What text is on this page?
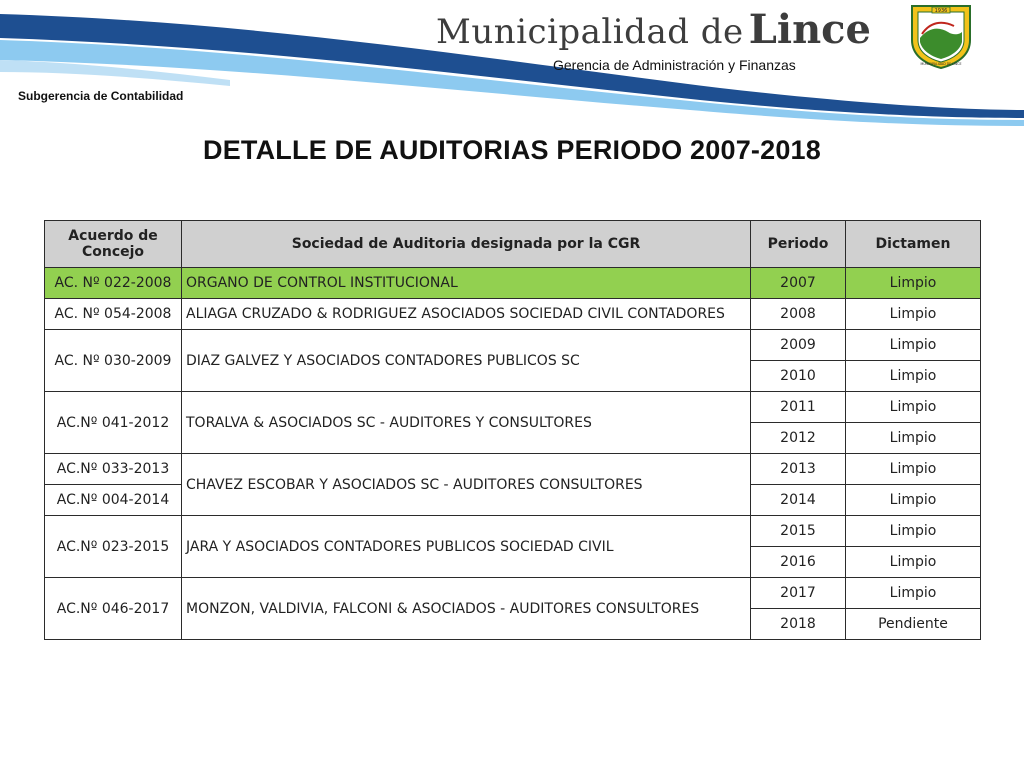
Municipalidad de Lince	1936
MUNICIPALIDAD DE LINCE
Gerencia de Administración y Finanzas
Subgerencia de Contabilidad
DETALLE DE AUDITORIAS PERIODO 2007-2018
Acuerdo de
Concejo	Sociedad de Auditoria designada por la CGR	Periodo	Dictamen
AC. Nº 022-2008	ORGANO DE CONTROL INSTITUCIONAL	2007	Limpio
AC. Nº 054-2008	ALIAGA CRUZADO & RODRIGUEZ ASOCIADOS SOCIEDAD CIVIL CONTADORES	2008	Limpio
AC. Nº 030-2009	DIAZ GALVEZ Y ASOCIADOS CONTADORES PUBLICOS SC	2009	Limpio
		2010	Limpio
AC.Nº 041-2012	TORALVA & ASOCIADOS SC - AUDITORES Y CONSULTORES	2011	Limpio
		2012	Limpio
AC.Nº 033-2013	CHAVEZ ESCOBAR Y ASOCIADOS SC - AUDITORES CONSULTORES	2013	Limpio
AC.Nº 004-2014		2014	Limpio
AC.Nº 023-2015	JARA Y ASOCIADOS CONTADORES PUBLICOS SOCIEDAD CIVIL	2015	Limpio
		2016	Limpio
AC.Nº 046-2017	MONZON, VALDIVIA, FALCONI & ASOCIADOS - AUDITORES CONSULTORES	2017	Limpio
		2018	Pendiente
